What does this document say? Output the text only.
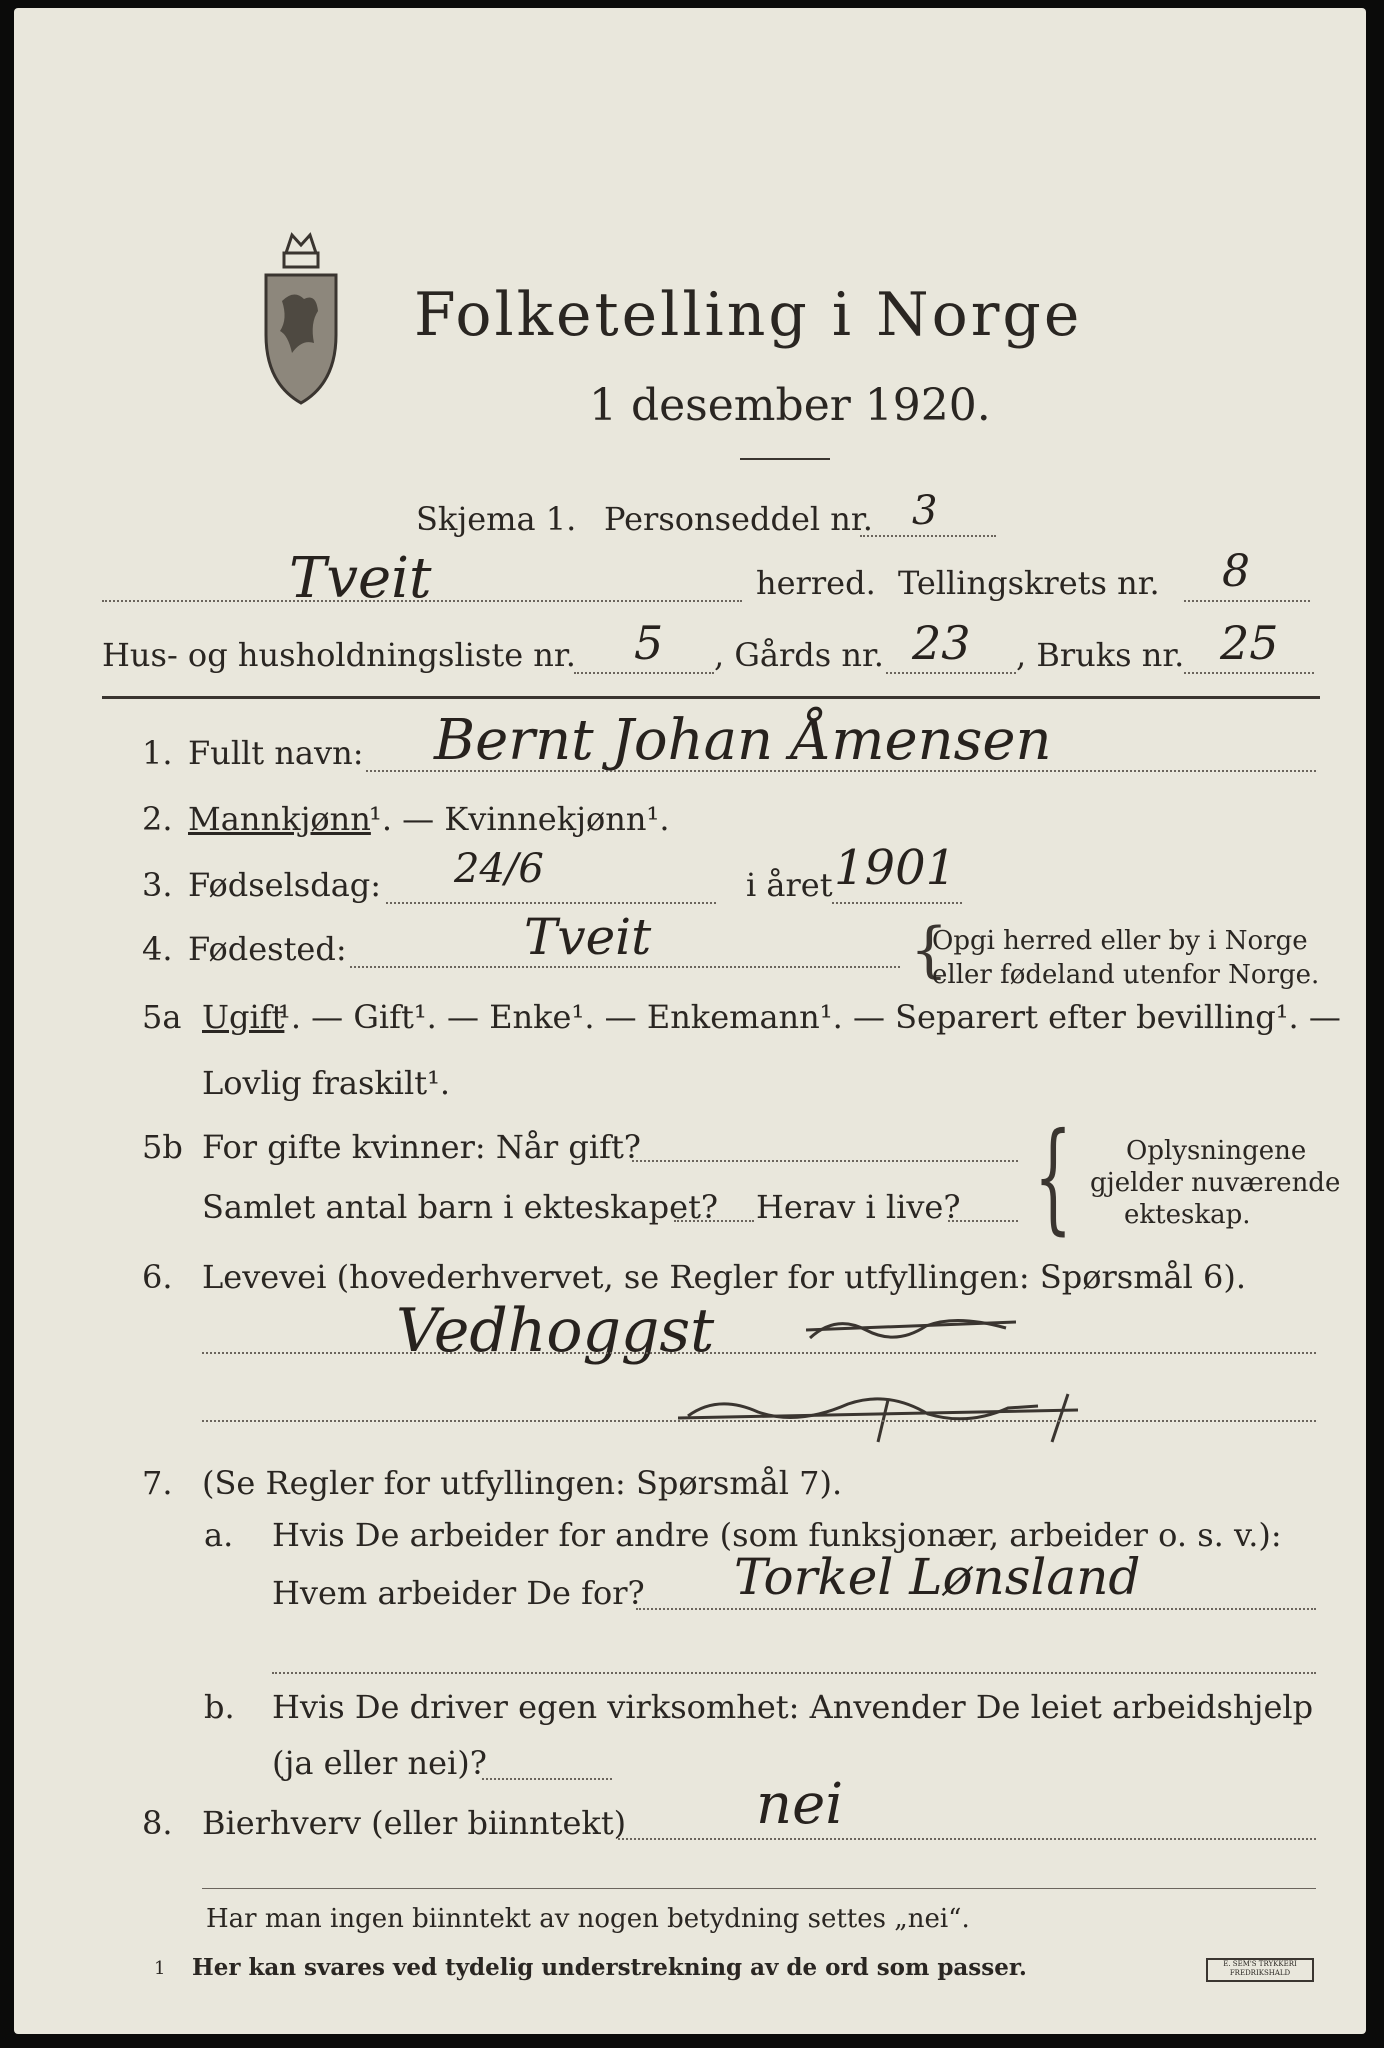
Folketelling i Norge
1 desember 1920.
Skjema 1. Personseddel nr. 3
Tveit	herred. Tellingskrets nr. 8
Hus- og husholdningsliste nr. 5 , Gårds nr. 23 , Bruks nr. 25
1. Fullt navn: Bernt Johan Åmensen
2. Mannkjønn
¹. — Kvinnekjønn¹.
3. Fødselsdag: 24/6	i året 1901
4. Fødested:	Tveit	{
Opgi herred eller by i Norge
eller fødeland utenfor Norge.
5a Ugift
¹. — Gift¹. — Enke¹. — Enkemann¹. — Separert efter bevilling¹. —
Lovlig fraskilt¹.
5b For gifte kvinner: Når gift?
Samlet antal barn i ekteskapet? Herav i live? { Oplysningene
gjelder nuværende
ekteskap.
6. Levevei (hovederhvervet, se Regler for utfyllingen: Spørsmål 6).
Vedhoggst
7. (Se Regler for utfyllingen: Spørsmål 7).
a. Hvis De arbeider for andre (som funksjonær, arbeider o. s. v.):
Hvem arbeider De for? Torkel Lønsland
b. Hvis De driver egen virksomhet: Anvender De leiet arbeidshjelp
(ja eller nei)?
8. Bierhverv (eller biinntekt) nei
Har man ingen biinntekt av nogen betydning settes „nei“.
1 Her kan svares ved tydelig understrekning av de ord som passer.	E. SEM'S TRYKKERI FREDRIKSHALD
